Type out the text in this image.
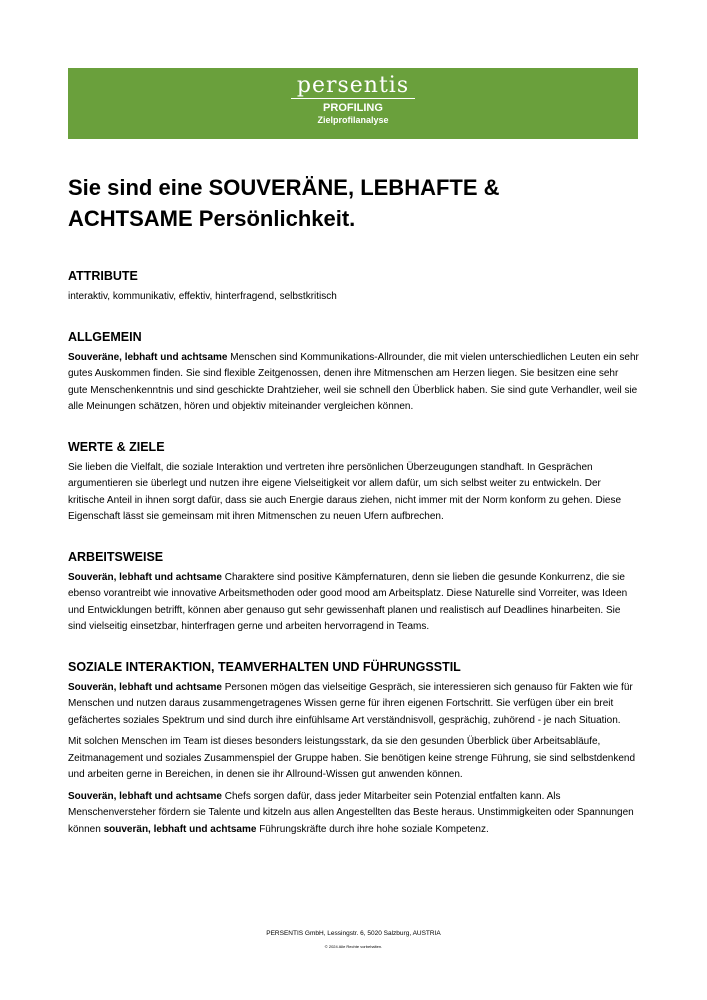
persentis
PROFILING
Zielprofilanalyse
Sie sind eine SOUVERÄNE, LEBHAFTE &
ACHTSAME Persönlichkeit.
ATTRIBUTE

interaktiv, kommunikativ, effektiv, hinterfragend, selbstkritisch

ALLGEMEIN

Souveräne, lebhaft und achtsame Menschen sind Kommunikations-Allrounder, die mit vielen unterschiedlichen Leuten ein sehr gutes Auskommen finden. Sie sind flexible Zeitgenossen, denen ihre Mitmenschen am Herzen liegen. Sie besitzen eine sehr gute Menschenkenntnis und sind geschickte Drahtzieher, weil sie schnell den Überblick haben. Sie sind gute Verhandler, weil sie alle Meinungen schätzen, hören und objektiv miteinander vergleichen können.

WERTE & ZIELE

Sie lieben die Vielfalt, die soziale Interaktion und vertreten ihre persönlichen Überzeugungen standhaft. In Gesprächen argumentieren sie überlegt und nutzen ihre eigene Vielseitigkeit vor allem dafür, um sich selbst weiter zu entwickeln. Der kritische Anteil in ihnen sorgt dafür, dass sie auch Energie daraus ziehen, nicht immer mit der Norm konform zu gehen. Diese Eigenschaft lässt sie gemeinsam mit ihren Mitmenschen zu neuen Ufern aufbrechen.

ARBEITSWEISE

Souverän, lebhaft und achtsame Charaktere sind positive Kämpfernaturen, denn sie lieben die gesunde Konkurrenz, die sie ebenso vorantreibt wie innovative Arbeitsmethoden oder good mood am Arbeitsplatz. Diese Naturelle sind Vorreiter, was Ideen und Entwicklungen betrifft, können aber genauso gut sehr gewissenhaft planen und realistisch auf Deadlines hinarbeiten. Sie sind vielseitig einsetzbar, hinterfragen gerne und arbeiten hervorragend in Teams.

SOZIALE INTERAKTION, TEAMVERHALTEN UND FÜHRUNGSSTIL

Souverän, lebhaft und achtsame Personen mögen das vielseitige Gespräch, sie interessieren sich genauso für Fakten wie für Menschen und nutzen daraus zusammengetragenes Wissen gerne für ihren eigenen Fortschritt. Sie verfügen über ein breit gefächertes soziales Spektrum und sind durch ihre einfühlsame Art verständnisvoll, gesprächig, zuhörend - je nach Situation.

Mit solchen Menschen im Team ist dieses besonders leistungsstark, da sie den gesunden Überblick über Arbeitsabläufe, Zeitmanagement und soziales Zusammenspiel der Gruppe haben. Sie benötigen keine strenge Führung, sie sind selbstdenkend und arbeiten gerne in Bereichen, in denen sie ihr Allround-Wissen gut anwenden können.

Souverän, lebhaft und achtsame Chefs sorgen dafür, dass jeder Mitarbeiter sein Potenzial entfalten kann. Als Menschenversteher fördern sie Talente und kitzeln aus allen Angestellten das Beste heraus. Unstimmigkeiten oder Spannungen können souverän, lebhaft und achtsame Führungskräfte durch ihre hohe soziale Kompetenz.

PERSENTIS GmbH, Lessingstr. 6, 5020 Salzburg, AUSTRIA
© 2024 Alle Rechte vorbehalten.
